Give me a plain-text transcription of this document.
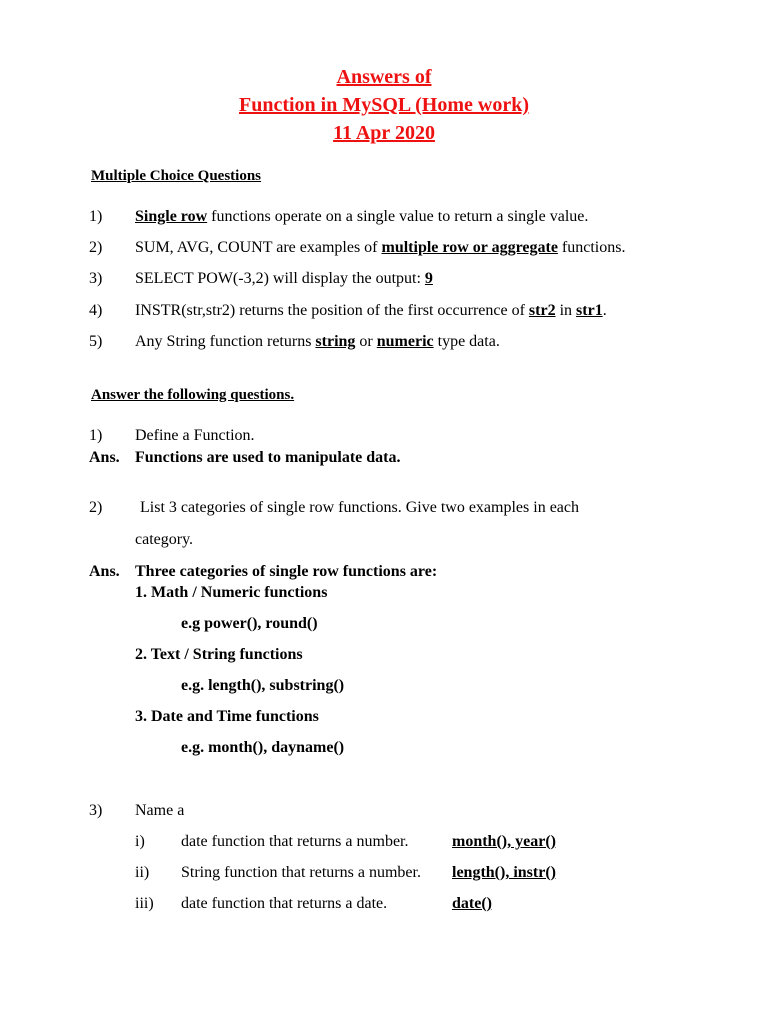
Answers of
Function in MySQL (Home work)
11 Apr 2020
Multiple Choice Questions
1) Single row functions operate on a single value to return a single value.
2) SUM, AVG, COUNT are examples of multiple row or aggregate functions.
3) SELECT POW(-3,2) will display the output: 9
4) INSTR(str,str2) returns the position of the first occurrence of str2 in str1.
5) Any String function returns string or numeric type data.
Answer the following questions.
1) Define a Function.
Ans. Functions are used to manipulate data.
2) List 3 categories of single row functions. Give two examples in each
category.
Ans. Three categories of single row functions are:
1. Math / Numeric functions
e.g power(), round()
2. Text / String functions
e.g. length(), substring()
3. Date and Time functions
e.g. month(), dayname()
3) Name a
i) date function that returns a number.	month(), year()
ii) String function that returns a number. length(), instr()
iii) date function that returns a date.	date()
